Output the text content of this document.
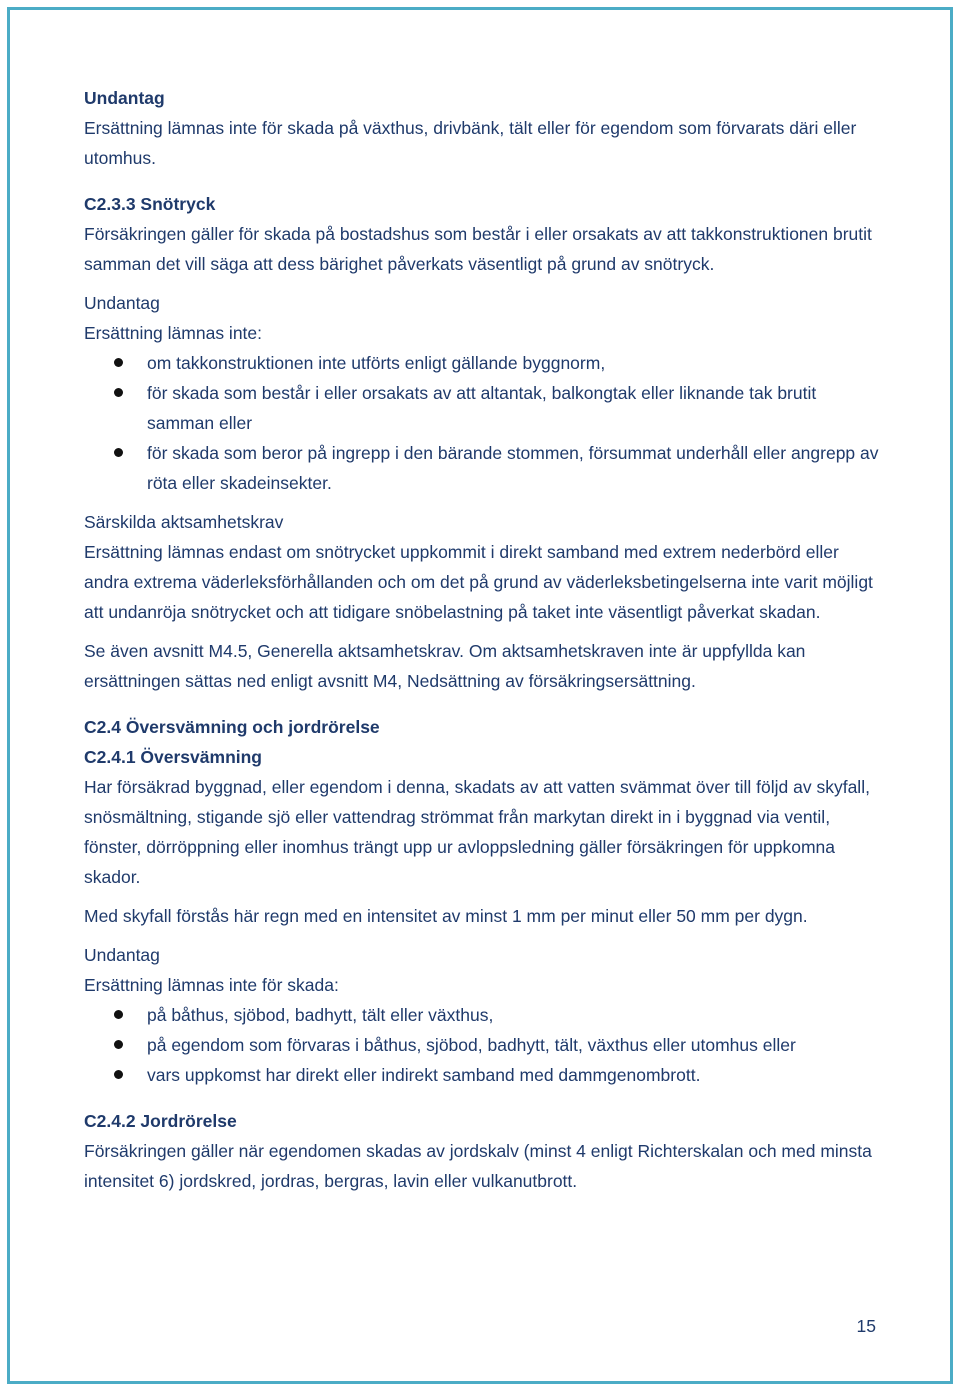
Undantag

Ersättning lämnas inte för skada på växthus, drivbänk, tält eller för egendom som förvarats däri eller utomhus.

C2.3.3 Snötryck

Försäkringen gäller för skada på bostadshus som består i eller orsakats av att takkonstruktionen brutit samman det vill säga att dess bärighet påverkats väsentligt på grund av snötryck.

Undantag

Ersättning lämnas inte:

om takkonstruktionen inte utförts enligt gällande byggnorm,
för skada som består i eller orsakats av att altantak, balkongtak eller liknande tak brutit samman eller
för skada som beror på ingrepp i den bärande stommen, försummat underhåll eller angrepp av röta eller skadeinsekter.

Särskilda aktsamhetskrav

Ersättning lämnas endast om snötrycket uppkommit i direkt samband med extrem nederbörd eller andra extrema väderleksförhållanden och om det på grund av väderleksbetingelserna inte varit möjligt att undanröja snötrycket och att tidigare snöbelastning på taket inte väsentligt påverkat skadan.

Se även avsnitt M4.5, Generella aktsamhetskrav. Om aktsamhetskraven inte är uppfyllda kan ersättningen sättas ned enligt avsnitt M4, Nedsättning av försäkringsersättning.

C2.4 Översvämning och jordrörelse

C2.4.1 Översvämning

Har försäkrad byggnad, eller egendom i denna, skadats av att vatten svämmat över till följd av skyfall, snösmältning, stigande sjö eller vattendrag strömmat från markytan direkt in i byggnad via ventil, fönster, dörröppning eller inomhus trängt upp ur avloppsledning gäller försäkringen för uppkomna skador.

Med skyfall förstås här regn med en intensitet av minst 1 mm per minut eller 50 mm per dygn.

Undantag

Ersättning lämnas inte för skada:

på båthus, sjöbod, badhytt, tält eller växthus,
på egendom som förvaras i båthus, sjöbod, badhytt, tält, växthus eller utomhus eller
vars uppkomst har direkt eller indirekt samband med dammgenombrott.

C2.4.2 Jordrörelse

Försäkringen gäller när egendomen skadas av jordskalv (minst 4 enligt Richterskalan och med minsta intensitet 6) jordskred, jordras, bergras, lavin eller vulkanutbrott.

15
